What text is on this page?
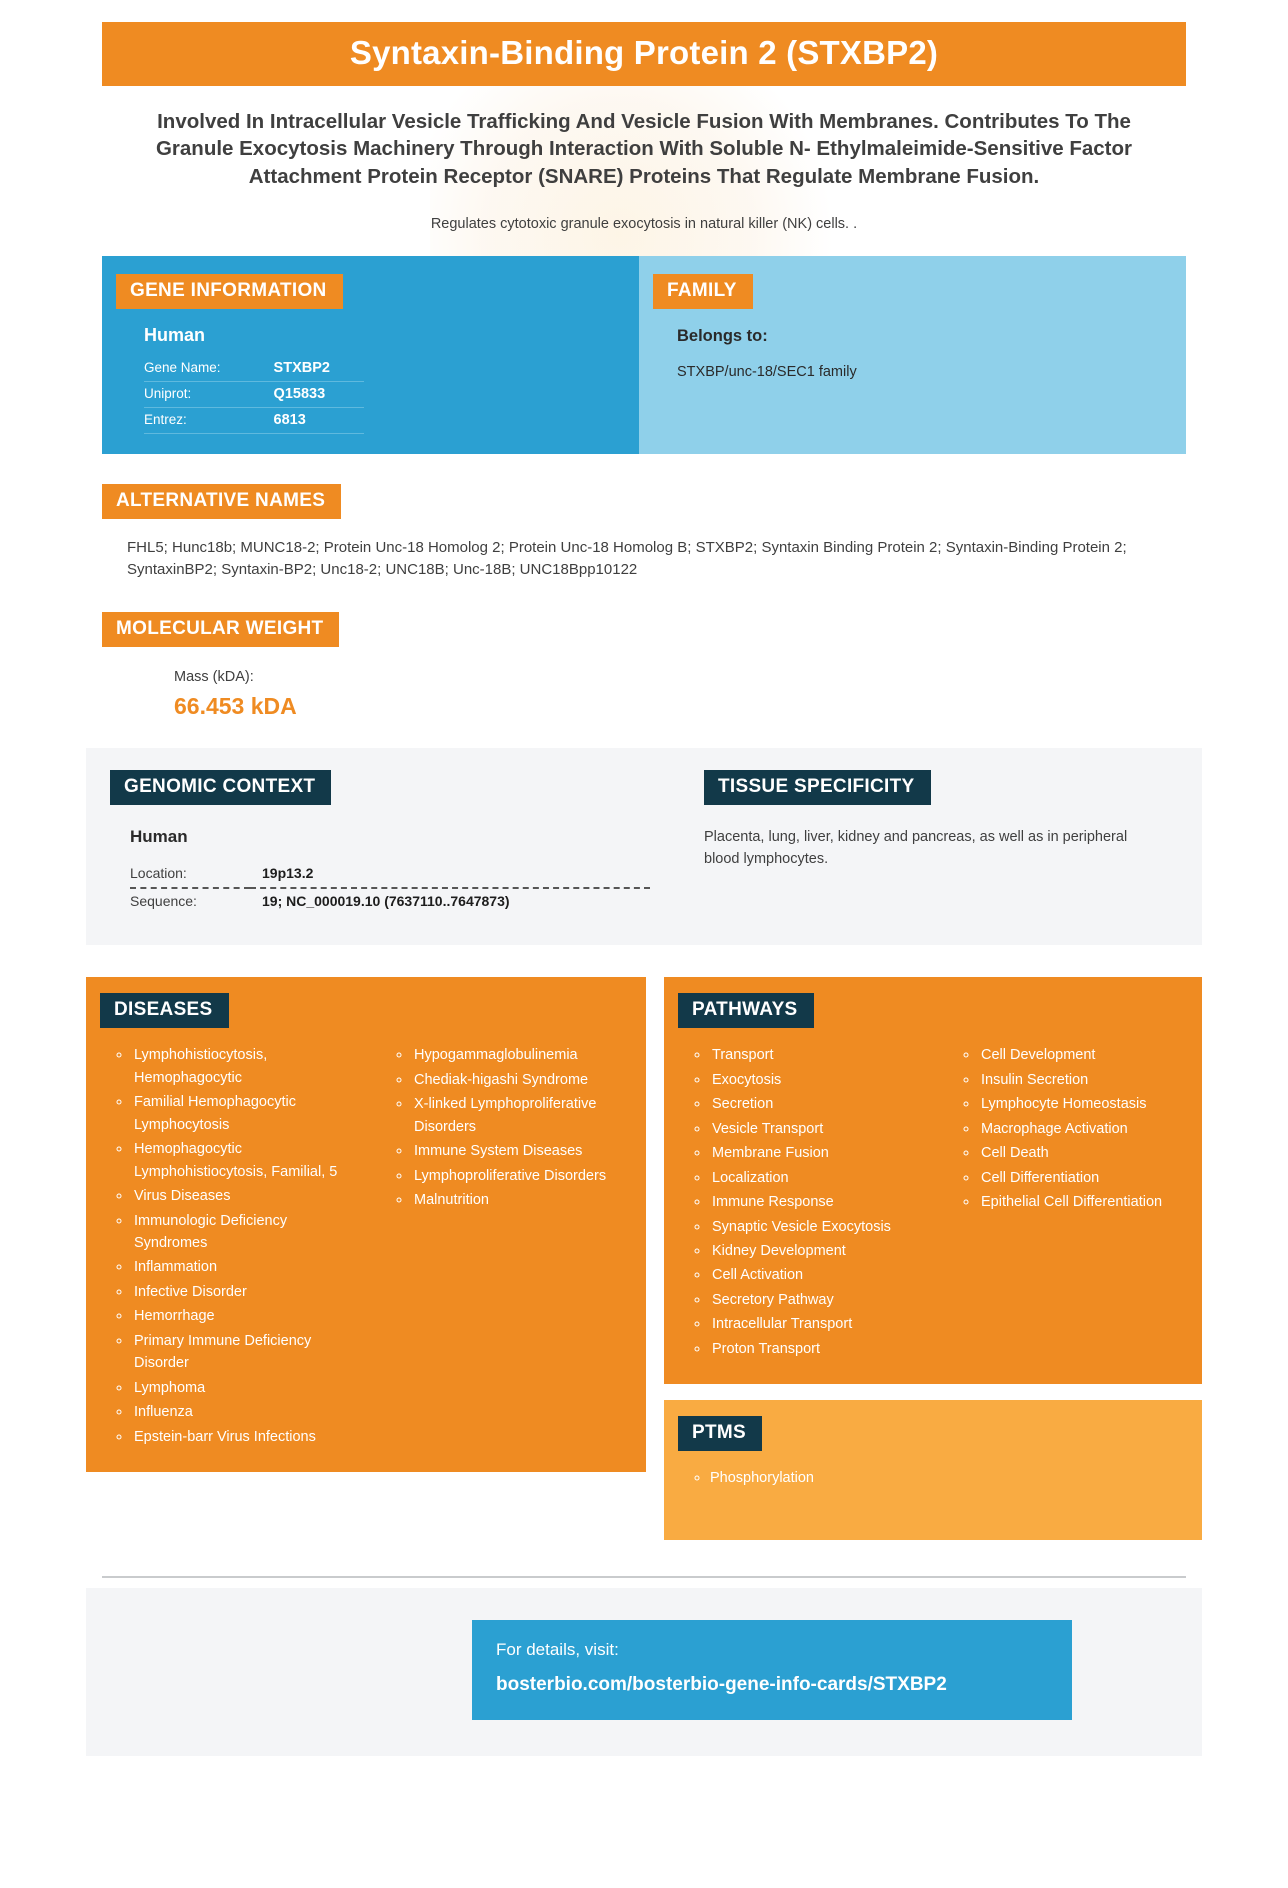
Syntaxin-Binding Protein 2 (STXBP2)
Involved In Intracellular Vesicle Trafficking And Vesicle Fusion With Membranes. Contributes To The Granule Exocytosis Machinery Through Interaction With Soluble N- Ethylmaleimide-Sensitive Factor Attachment Protein Receptor (SNARE) Proteins That Regulate Membrane Fusion.
Regulates cytotoxic granule exocytosis in natural killer (NK) cells. .
GENE INFORMATION
Human
Gene Name:	STXBP2
Uniprot:	Q15833
Entrez:	6813
FAMILY
Belongs to:
STXBP/unc-18/SEC1 family
ALTERNATIVE NAMES
FHL5; Hunc18b; MUNC18-2; Protein Unc-18 Homolog 2; Protein Unc-18 Homolog B; STXBP2; Syntaxin Binding Protein 2; Syntaxin-Binding Protein 2; SyntaxinBP2; Syntaxin-BP2; Unc18-2; UNC18B; Unc-18B; UNC18Bpp10122
MOLECULAR WEIGHT
Mass (kDA):
66.453 kDA
GENOMIC CONTEXT
Human
Location:	19p13.2
Sequence:	19; NC_000019.10 (7637110..7647873)
TISSUE SPECIFICITY
Placenta, lung, liver, kidney and pancreas, as well as in peripheral blood lymphocytes.
DISEASES
◦ Lymphohistiocytosis, Hemophagocytic
◦ Familial Hemophagocytic Lymphocytosis
◦ Hemophagocytic Lymphohistiocytosis, Familial, 5
◦ Virus Diseases
◦ Immunologic Deficiency Syndromes
◦ Inflammation
◦ Infective Disorder
◦ Hemorrhage
◦ Primary Immune Deficiency Disorder
◦ Lymphoma
◦ Influenza
◦ Epstein-barr Virus Infections
◦ Hypogammaglobulinemia
◦ Chediak-higashi Syndrome
◦ X-linked Lymphoproliferative Disorders
◦ Immune System Diseases
◦ Lymphoproliferative Disorders
◦ Malnutrition
PATHWAYS
◦ Transport
◦ Exocytosis
◦ Secretion
◦ Vesicle Transport
◦ Membrane Fusion
◦ Localization
◦ Immune Response
◦ Synaptic Vesicle Exocytosis
◦ Kidney Development
◦ Cell Activation
◦ Secretory Pathway
◦ Intracellular Transport
◦ Proton Transport
◦ Cell Development
◦ Insulin Secretion
◦ Lymphocyte Homeostasis
◦ Macrophage Activation
◦ Cell Death
◦ Cell Differentiation
◦ Epithelial Cell Differentiation
PTMS
◦ Phosphorylation
For details, visit:
bosterbio.com/bosterbio-gene-info-cards/STXBP2
